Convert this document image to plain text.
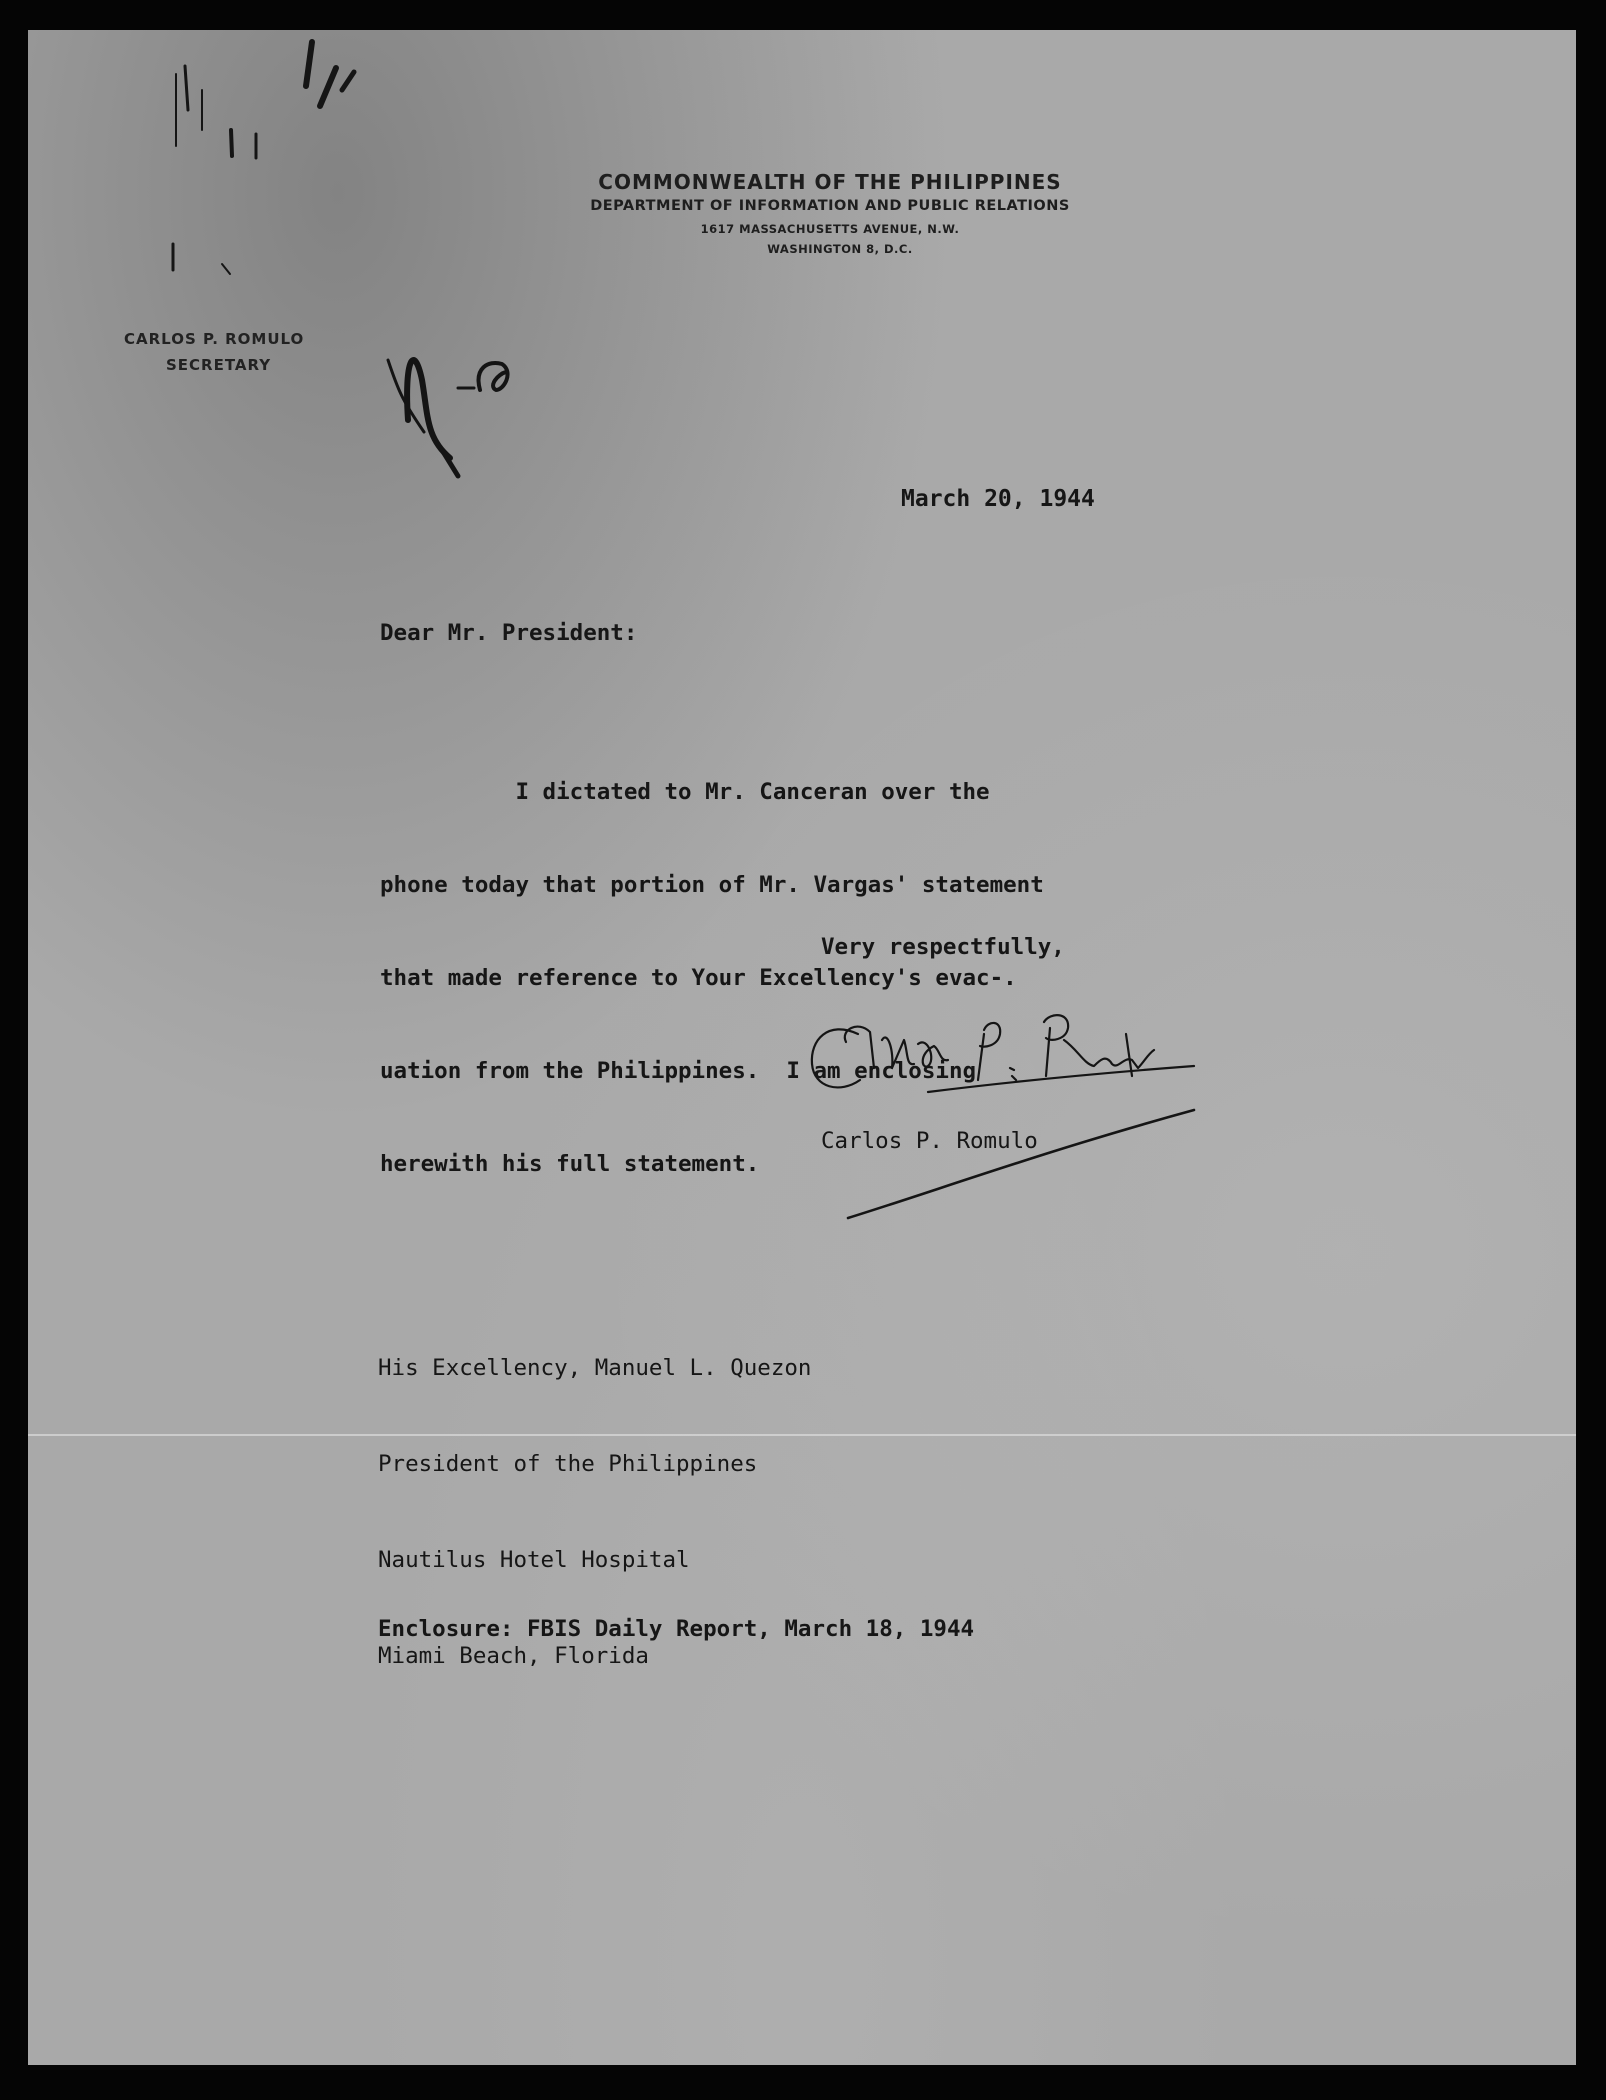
COMMONWEALTH OF THE PHILIPPINES
DEPARTMENT OF INFORMATION AND PUBLIC RELATIONS
1617 MASSACHUSETTS AVENUE, N.W.
WASHINGTON 8, D.C.
CARLOS P. ROMULO
SECRETARY
March 20, 1944
Dear Mr. President:

I dictated to Mr. Canceran over the

phone today that portion of Mr. Vargas' statement

that made reference to Your Excellency's evac-.

uation from the Philippines.  I am enclosing

herewith his full statement.

Very respectfully,
Carlos P. Romulo

His Excellency, Manuel L. Quezon

President of the Philippines

Nautilus Hotel Hospital

Miami Beach, Florida

Enclosure: FBIS Daily Report, March 18, 1944
